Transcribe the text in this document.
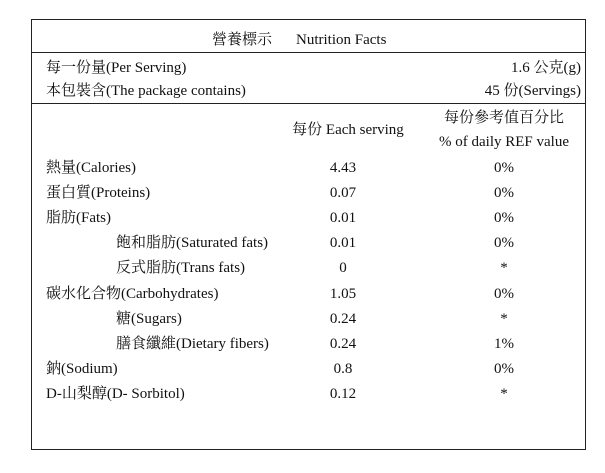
營養標示 Nutrition Facts
每一份量(Per Serving)	1.6 公克(g)
本包裝含(The package contains)	45 份(Servings)
每份 Each serving
每份參考值百分比
% of daily REF value
熱量(Calories)	4.43	0%
蛋白質(Proteins)	0.07	0%
脂肪(Fats)	0.01	0%
飽和脂肪(Saturated fats)	0.01	0%
反式脂肪(Trans fats)	0	*
碳水化合物(Carbohydrates)	1.05	0%
糖(Sugars)	0.24	*
膳食纖維(Dietary fibers)	0.24	1%
鈉(Sodium)	0.8	0%
D-山梨醇(D- Sorbitol)	0.12	*
